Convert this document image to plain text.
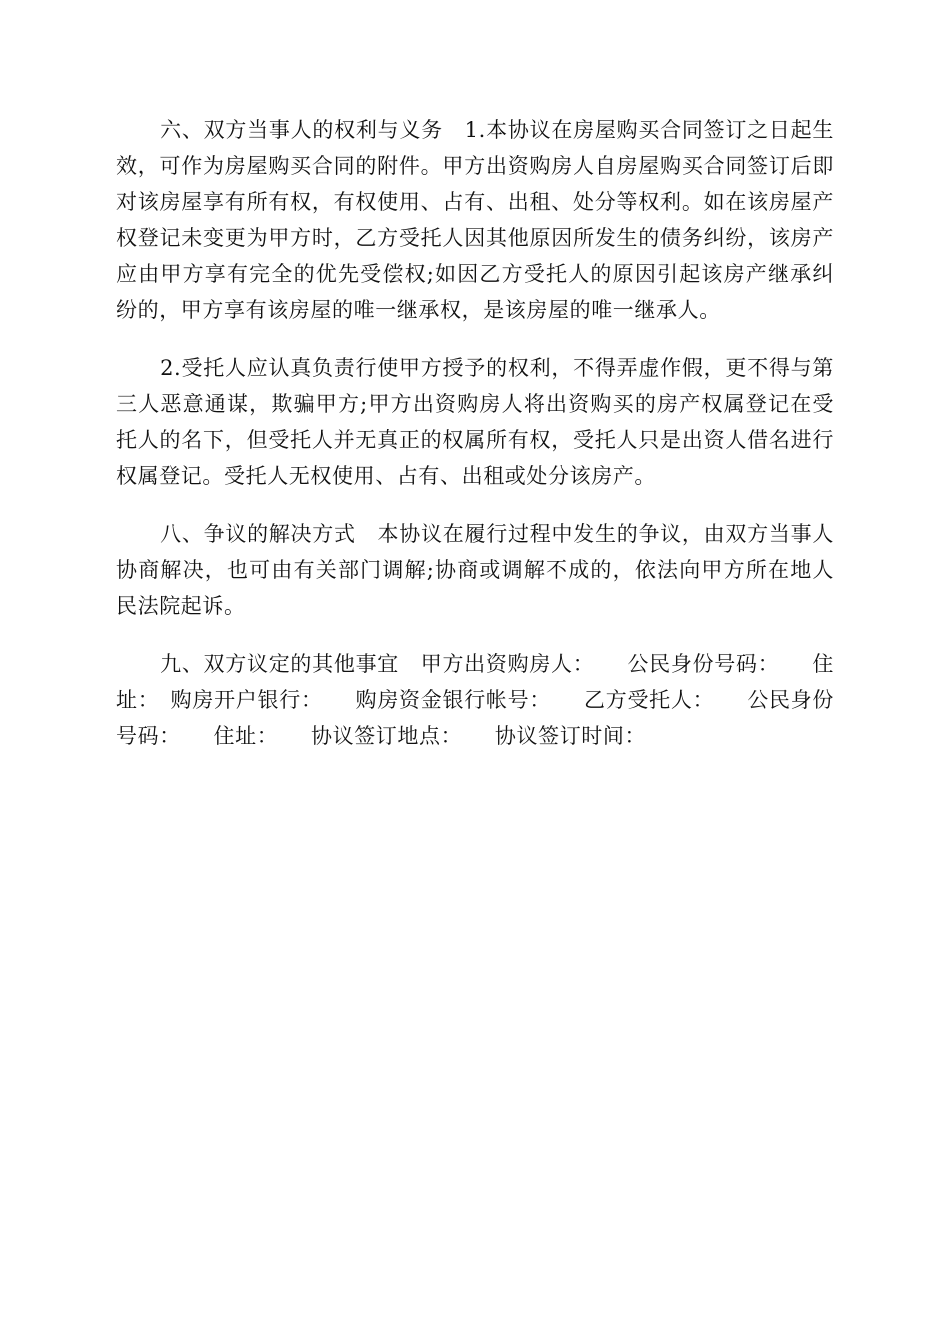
六、双方当事人的权利与义务　1.本协议在房屋购买合同签订之日起生效，可作为房屋购买合同的附件。甲方出资购房人自房屋购买合同签订后即对该房屋享有所有权，有权使用、占有、出租、处分等权利。如在该房屋产权登记未变更为甲方时，乙方受托人因其他原因所发生的债务纠纷，该房产应由甲方享有完全的优先受偿权;如因乙方受托人的原因引起该房产继承纠纷的，甲方享有该房屋的唯一继承权，是该房屋的唯一继承人。

2.受托人应认真负责行使甲方授予的权利，不得弄虚作假，更不得与第三人恶意通谋，欺骗甲方;甲方出资购房人将出资购买的房产权属登记在受托人的名下，但受托人并无真正的权属所有权，受托人只是出资人借名进行权属登记。受托人无权使用、占有、出租或处分该房产。

八、争议的解决方式　本协议在履行过程中发生的争议，由双方当事人协商解决，也可由有关部门调解;协商或调解不成的，依法向甲方所在地人民法院起诉。

九、双方议定的其他事宜　甲方出资购房人：　　公民身份号码：　　住址：　购房开户银行：　　购房资金银行帐号：　　乙方受托人：　　公民身份号码：　　住址：　　协议签订地点：　　协议签订时间：
